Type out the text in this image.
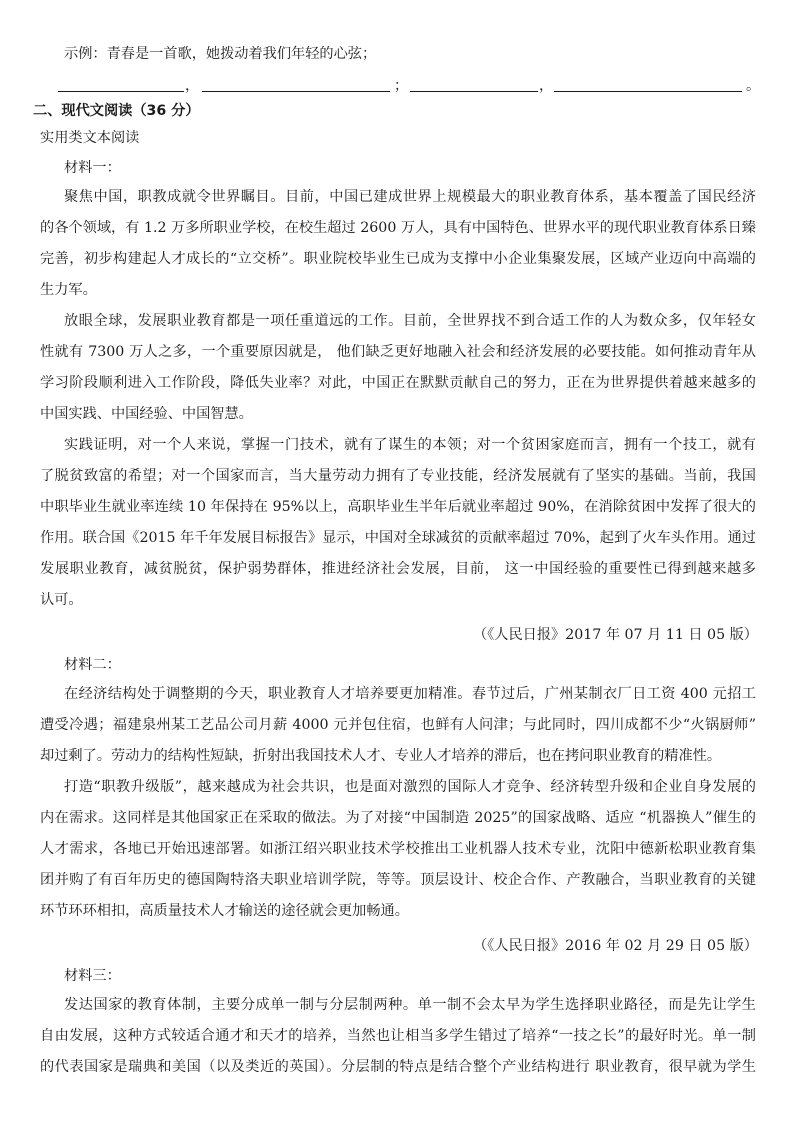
示例：青春是一首歌，她拨动着我们年轻的心弦；
，	；	，	。
二、现代文阅读（36 分）
实用类文本阅读
材料一：
聚焦中国，职教成就令世界瞩目。目前，中国已建成世界上规模最大的职业教育体系，基本覆盖了国民经济
的各个领域，有 1.2 万多所职业学校，在校生超过 2600 万人，具有中国特色、世界水平的现代职业教育体系日臻
完善，初步构建起人才成长的“立交桥”。职业院校毕业生已成为支撑中小企业集聚发展，区域产业迈向中高端的
生力军。
放眼全球，发展职业教育都是一项任重道远的工作。目前，全世界找不到合适工作的人为数众多，仅年轻女
性就有 7300 万人之多，一个重要原因就是， 他们缺乏更好地融入社会和经济发展的必要技能。如何推动青年从
学习阶段顺利进入工作阶段，降低失业率？对此，中国正在默默贡献自己的努力，正在为世界提供着越来越多的
中国实践、中国经验、中国智慧。
实践证明，对一个人来说，掌握一门技术，就有了谋生的本领；对一个贫困家庭而言，拥有一个技工，就有
了脱贫致富的希望；对一个国家而言，当大量劳动力拥有了专业技能，经济发展就有了坚实的基础。当前，我国
中职毕业生就业率连续 10 年保持在 95%以上，高职毕业生半年后就业率超过 90%，在消除贫困中发挥了很大的
作用。联合国《2015 年千年发展目标报告》显示，中国对全球减贫的贡献率超过 70%，起到了火车头作用。通过
发展职业教育，减贫脱贫，保护弱势群体，推进经济社会发展，目前， 这一中国经验的重要性已得到越来越多
认可。
（《人民日报》2017 年 07 月 11 日 05 版）
材料二：
在经济结构处于调整期的今天，职业教育人才培养要更加精准。春节过后，广州某制衣厂日工资 400 元招工
遭受冷遇；福建泉州某工艺品公司月薪 4000 元并包住宿，也鲜有人问津；与此同时，四川成都不少“火锅厨师”
却过剩了。劳动力的结构性短缺，折射出我国技术人才、专业人才培养的滞后，也在拷问职业教育的精准性。
打造“职教升级版”，越来越成为社会共识，也是面对激烈的国际人才竞争、经济转型升级和企业自身发展的
内在需求。这同样是其他国家正在采取的做法。为了对接“中国制造 2025”的国家战略、适应 “机器换人”催生的
人才需求，各地已开始迅速部署。如浙江绍兴职业技术学校推出工业机器人技术专业，沈阳中德新松职业教育集
团并购了有百年历史的德国陶特洛夫职业培训学院，等等。顶层设计、校企合作、产教融合，当职业教育的关键
环节环环相扣，高质量技术人才输送的途径就会更加畅通。
（《人民日报》2016 年 02 月 29 日 05 版）
材料三：
发达国家的教育体制，主要分成单一制与分层制两种。单一制不会太早为学生选择职业路径，而是先让学生
自由发展，这种方式较适合通才和天才的培养，当然也让相当多学生错过了培养“一技之长”的最好时光。单一制
的代表国家是瑞典和美国（以及类近的英国）。分层制的特点是结合整个产业结构进行 职业教育，很早就为学生
